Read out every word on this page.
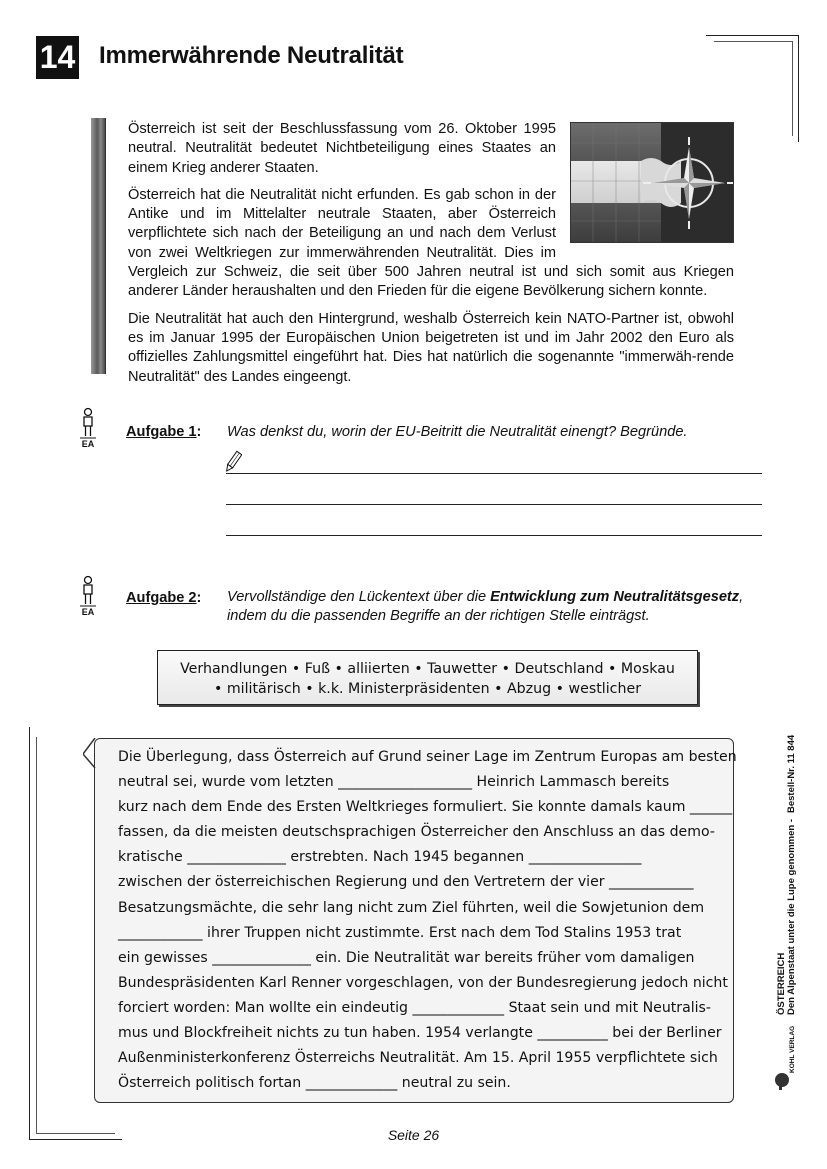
14 Immerwährende Neutralität

Österreich ist seit der Beschlussfassung vom 26. Oktober 1995 neutral. Neutralität bedeutet Nichtbeteiligung eines Staates an einem Krieg anderer Staaten.

Österreich hat die Neutralität nicht erfunden. Es gab schon in der Antike und im Mittelalter neutrale Staaten, aber Österreich verpflichtete sich nach der Beteiligung an und nach dem Verlust von zwei Weltkriegen zur immerwährenden Neutralität. Dies im Vergleich zur Schweiz, die seit über 500 Jahren neutral ist und sich somit aus Kriegen anderer Länder heraushalten und den Frieden für die eigene Bevölkerung sichern konnte.

Die Neutralität hat auch den Hintergrund, weshalb Österreich kein NATO-Partner ist, obwohl es im Januar 1995 der Europäischen Union beigetreten ist und im Jahr 2002 den Euro als offizielles Zahlungsmittel eingeführt hat. Dies hat natürlich die sogenannte "immerwäh-rende Neutralität" des Landes eingeengt.

EA
Aufgabe 1: Was denkst du, worin der EU-Beitritt die Neutralität einengt? Begründe.
EA
Aufgabe 2: Vervollständige den Lückentext über die Entwicklung zum Neutralitätsgesetz,
indem du die passenden Begriffe an der richtigen Stelle einträgst.
Verhandlungen • Fuß • alliierten • Tauwetter • Deutschland • Moskau
• militärisch • k.k. Ministerpräsidenten • Abzug • westlicher
Die Überlegung, dass Österreich auf Grund seiner Lage im Zentrum Europas am besten
neutral sei, wurde vom letzten ___________________ Heinrich Lammasch bereits
kurz nach dem Ende des Ersten Weltkrieges formuliert. Sie konnte damals kaum ______
fassen, da die meisten deutschsprachigen Österreicher den Anschluss an das demo-
kratische ______________ erstrebten. Nach 1945 begannen ________________
zwischen der österreichischen Regierung und den Vertretern der vier ____________
Besatzungsmächte, die sehr lang nicht zum Ziel führten, weil die Sowjetunion dem
____________ ihrer Truppen nicht zustimmte. Erst nach dem Tod Stalins 1953 trat
ein gewisses ______________ ein. Die Neutralität war bereits früher vom damaligen
Bundespräsidenten Karl Renner vorgeschlagen, von der Bundesregierung jedoch nicht
forciert worden: Man wollte ein eindeutig _____________ Staat sein und mit Neutralis-
mus und Blockfreiheit nichts zu tun haben. 1954 verlangte __________ bei der Berliner
Außenministerkonferenz Österreichs Neutralität. Am 15. April 1955 verpflichtete sich
Österreich politisch fortan _____________ neutral zu sein.
Bestell-Nr. 11 844
Den Alpenstaat unter die Lupe genommen -
ÖSTERREICH
KOHL VERLAG
Seite 26
